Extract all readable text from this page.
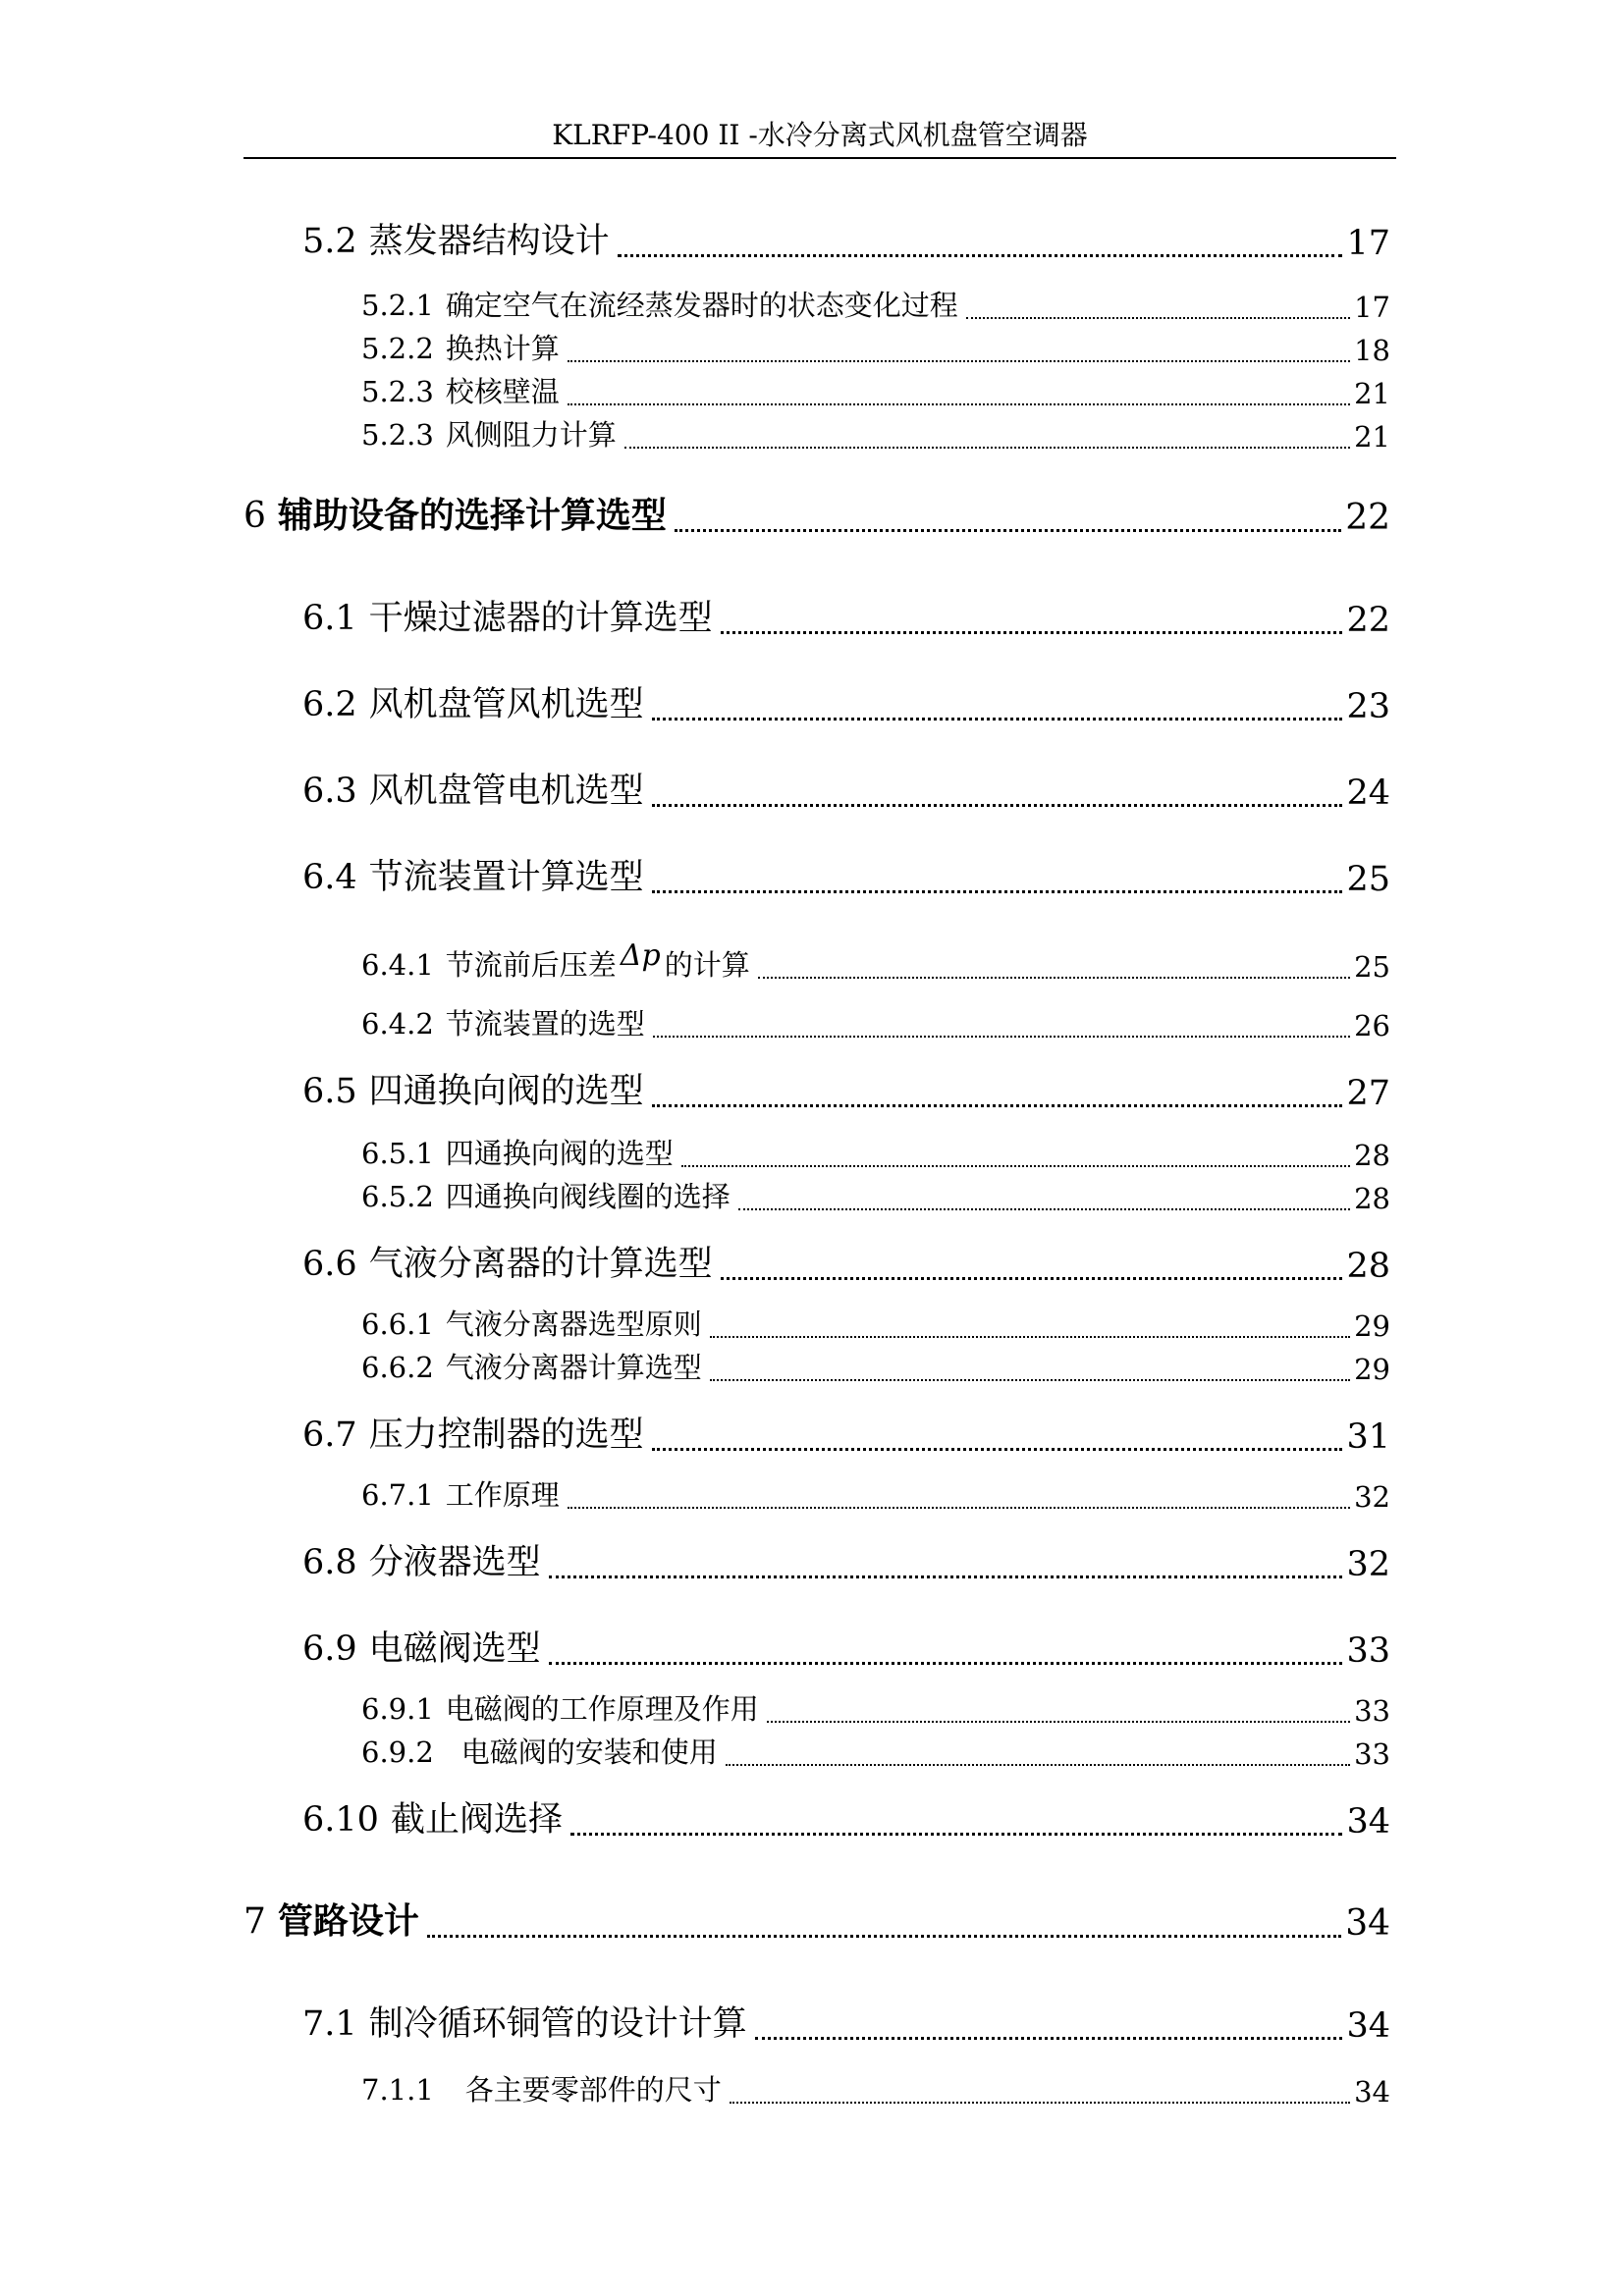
KLRFP-400 II -水冷分离式风机盘管空调器
5.2 蒸发器结构设计	17
5.2.1 确定空气在流经蒸发器时的状态变化过程	17
5.2.2 换热计算	18
5.2.3 校核壁温	21
5.2.3 风侧阻力计算	21
6 辅助设备的选择计算选型	22
6.1 干燥过滤器的计算选型	22
6.2 风机盘管风机选型	23
6.3 风机盘管电机选型	24
6.4 节流装置计算选型	25
6.4.1 节流前后压差 Δp 的计算	25
6.4.2 节流装置的选型	26
6.5 四通换向阀的选型	27
6.5.1 四通换向阀的选型	28
6.5.2 四通换向阀线圈的选择	28
6.6 气液分离器的计算选型	28
6.6.1 气液分离器选型原则	29
6.6.2 气液分离器计算选型	29
6.7 压力控制器的选型	31
6.7.1 工作原理	32
6.8 分液器选型	32
6.9 电磁阀选型	33
6.9.1 电磁阀的工作原理及作用	33
6.9.2 电磁阀的安装和使用	33
6.10 截止阀选择	34
7 管路设计	34
7.1 制冷循环铜管的设计计算	34
7.1.1 各主要零部件的尺寸	34
